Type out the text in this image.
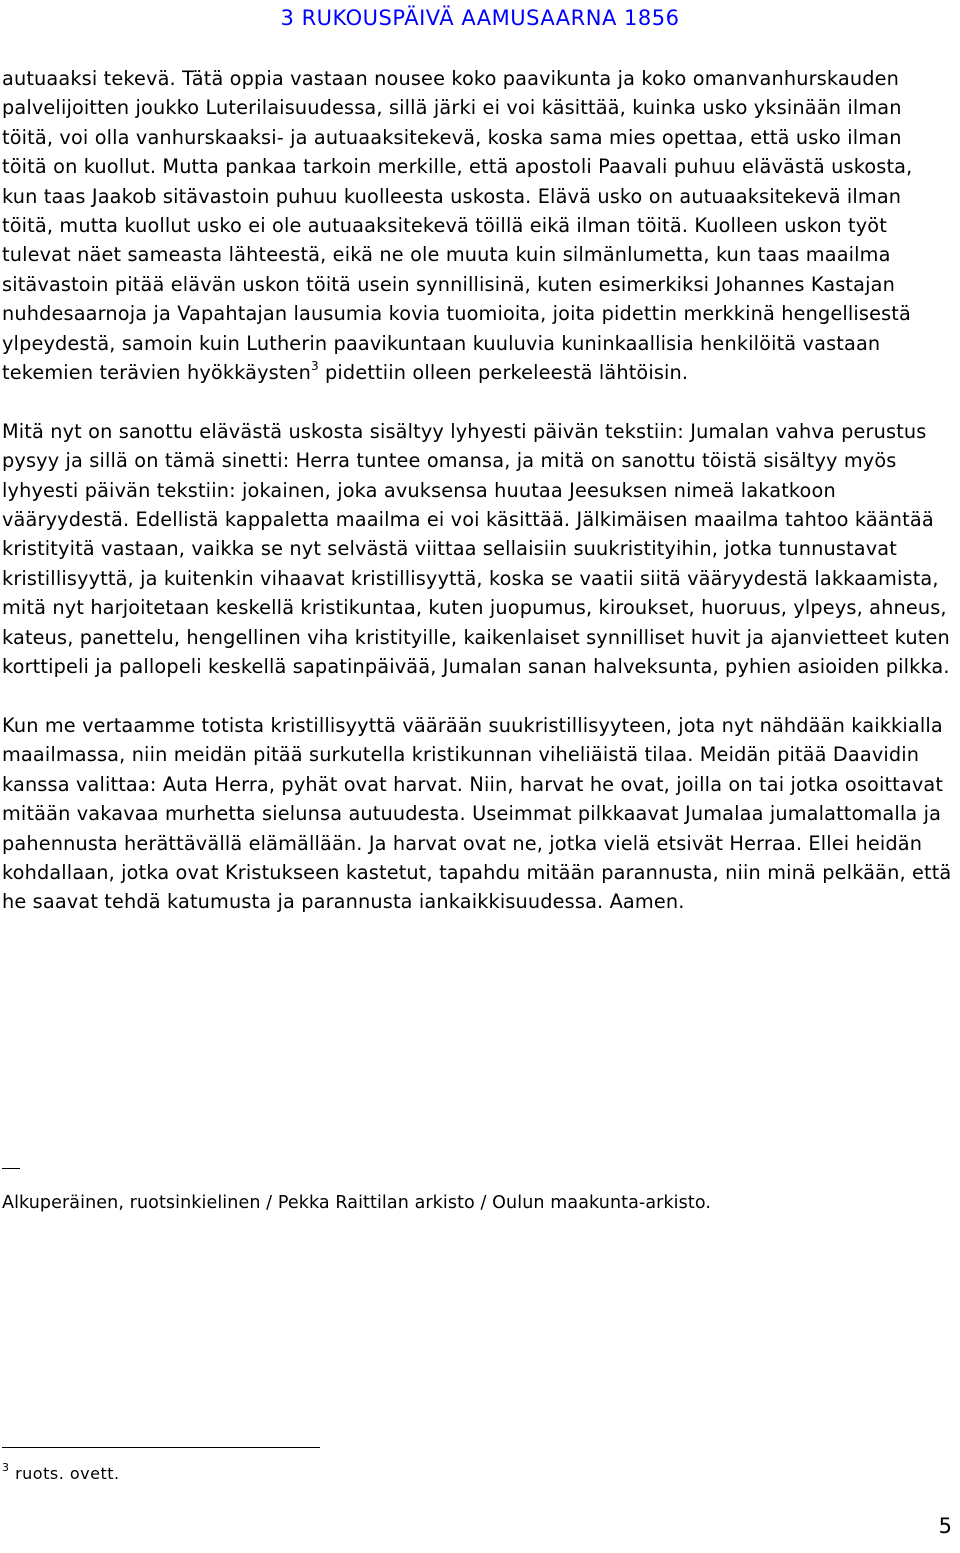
3 RUKOUSPÄIVÄ AAMUSAARNA 1856

autuaaksi tekevä. Tätä oppia vastaan nousee koko paavikunta ja koko omanvanhurskauden palvelijoitten joukko Luterilaisuudessa, sillä järki ei voi käsittää, kuinka usko yksinään ilman töitä, voi olla vanhurskaaksi- ja autuaaksitekevä, koska sama mies opettaa, että usko ilman töitä on kuollut. Mutta pankaa tarkoin merkille, että apostoli Paavali puhuu elävästä uskosta, kun taas Jaakob sitävastoin puhuu kuolleesta uskosta. Elävä usko on autuaaksitekevä ilman töitä, mutta kuollut usko ei ole autuaaksitekevä töillä eikä ilman töitä. Kuolleen uskon työt tulevat näet sameasta lähteestä, eikä ne ole muuta kuin silmänlumetta, kun taas maailma sitävastoin pitää elävän uskon töitä usein synnillisinä, kuten esimerkiksi Johannes Kastajan nuhdesaarnoja ja Vapahtajan lausumia kovia tuomioita, joita pidettin merkkinä hengellisestä ylpeydestä, samoin kuin Lutherin paavikuntaan kuuluvia kuninkaallisia henkilöitä vastaan tekemien terävien hyökkäysten$^3$ pidettiin olleen perkeleestä lähtöisin.

Mitä nyt on sanottu elävästä uskosta sisältyy lyhyesti päivän tekstiin: Jumalan vahva perustus pysyy ja sillä on tämä sinetti: Herra tuntee omansa, ja mitä on sanottu töistä sisältyy myös lyhyesti päivän tekstiin: jokainen, joka avuksensa huutaa Jeesuksen nimeä lakatkoon vääryydestä. Edellistä kappaletta maailma ei voi käsittää. Jälkimäisen maailma tahtoo kääntää kristityitä vastaan, vaikka se nyt selvästä viittaa sellaisiin suukristityihin, jotka tunnustavat kristillisyyttä, ja kuitenkin vihaavat kristillisyyttä, koska se vaatii siitä vääryydestä lakkaamista, mitä nyt harjoitetaan keskellä kristikuntaa, kuten juopumus, kiroukset, huoruus, ylpeys, ahneus, kateus, panettelu, hengellinen viha kristityille, kaikenlaiset synnilliset huvit ja ajanvietteet kuten korttipeli ja pallopeli keskellä sapatinpäivää, Jumalan sanan halveksunta, pyhien asioiden pilkka.

Kun me vertaamme totista kristillisyyttä väärään suukristillisyyteen, jota nyt nähdään kaikkialla maailmassa, niin meidän pitää surkutella kristikunnan viheliäistä tilaa. Meidän pitää Daavidin kanssa valittaa: Auta Herra, pyhät ovat harvat. Niin, harvat he ovat, joilla on tai jotka osoittavat mitään vakavaa murhetta sielunsa autuudesta. Useimmat pilkkaavat Jumalaa jumalattomalla ja pahennusta herättävällä elämällään. Ja harvat ovat ne, jotka vielä etsivät Herraa. Ellei heidän kohdallaan, jotka ovat Kristukseen kastetut, tapahdu mitään parannusta, niin minä pelkään, että he saavat tehdä katumusta ja parannusta iankaikkisuudessa. Aamen.

Alkuperäinen, ruotsinkielinen / Pekka Raittilan arkisto / Oulun maakunta-arkisto.
$^3$ ruots. ovett.
5
